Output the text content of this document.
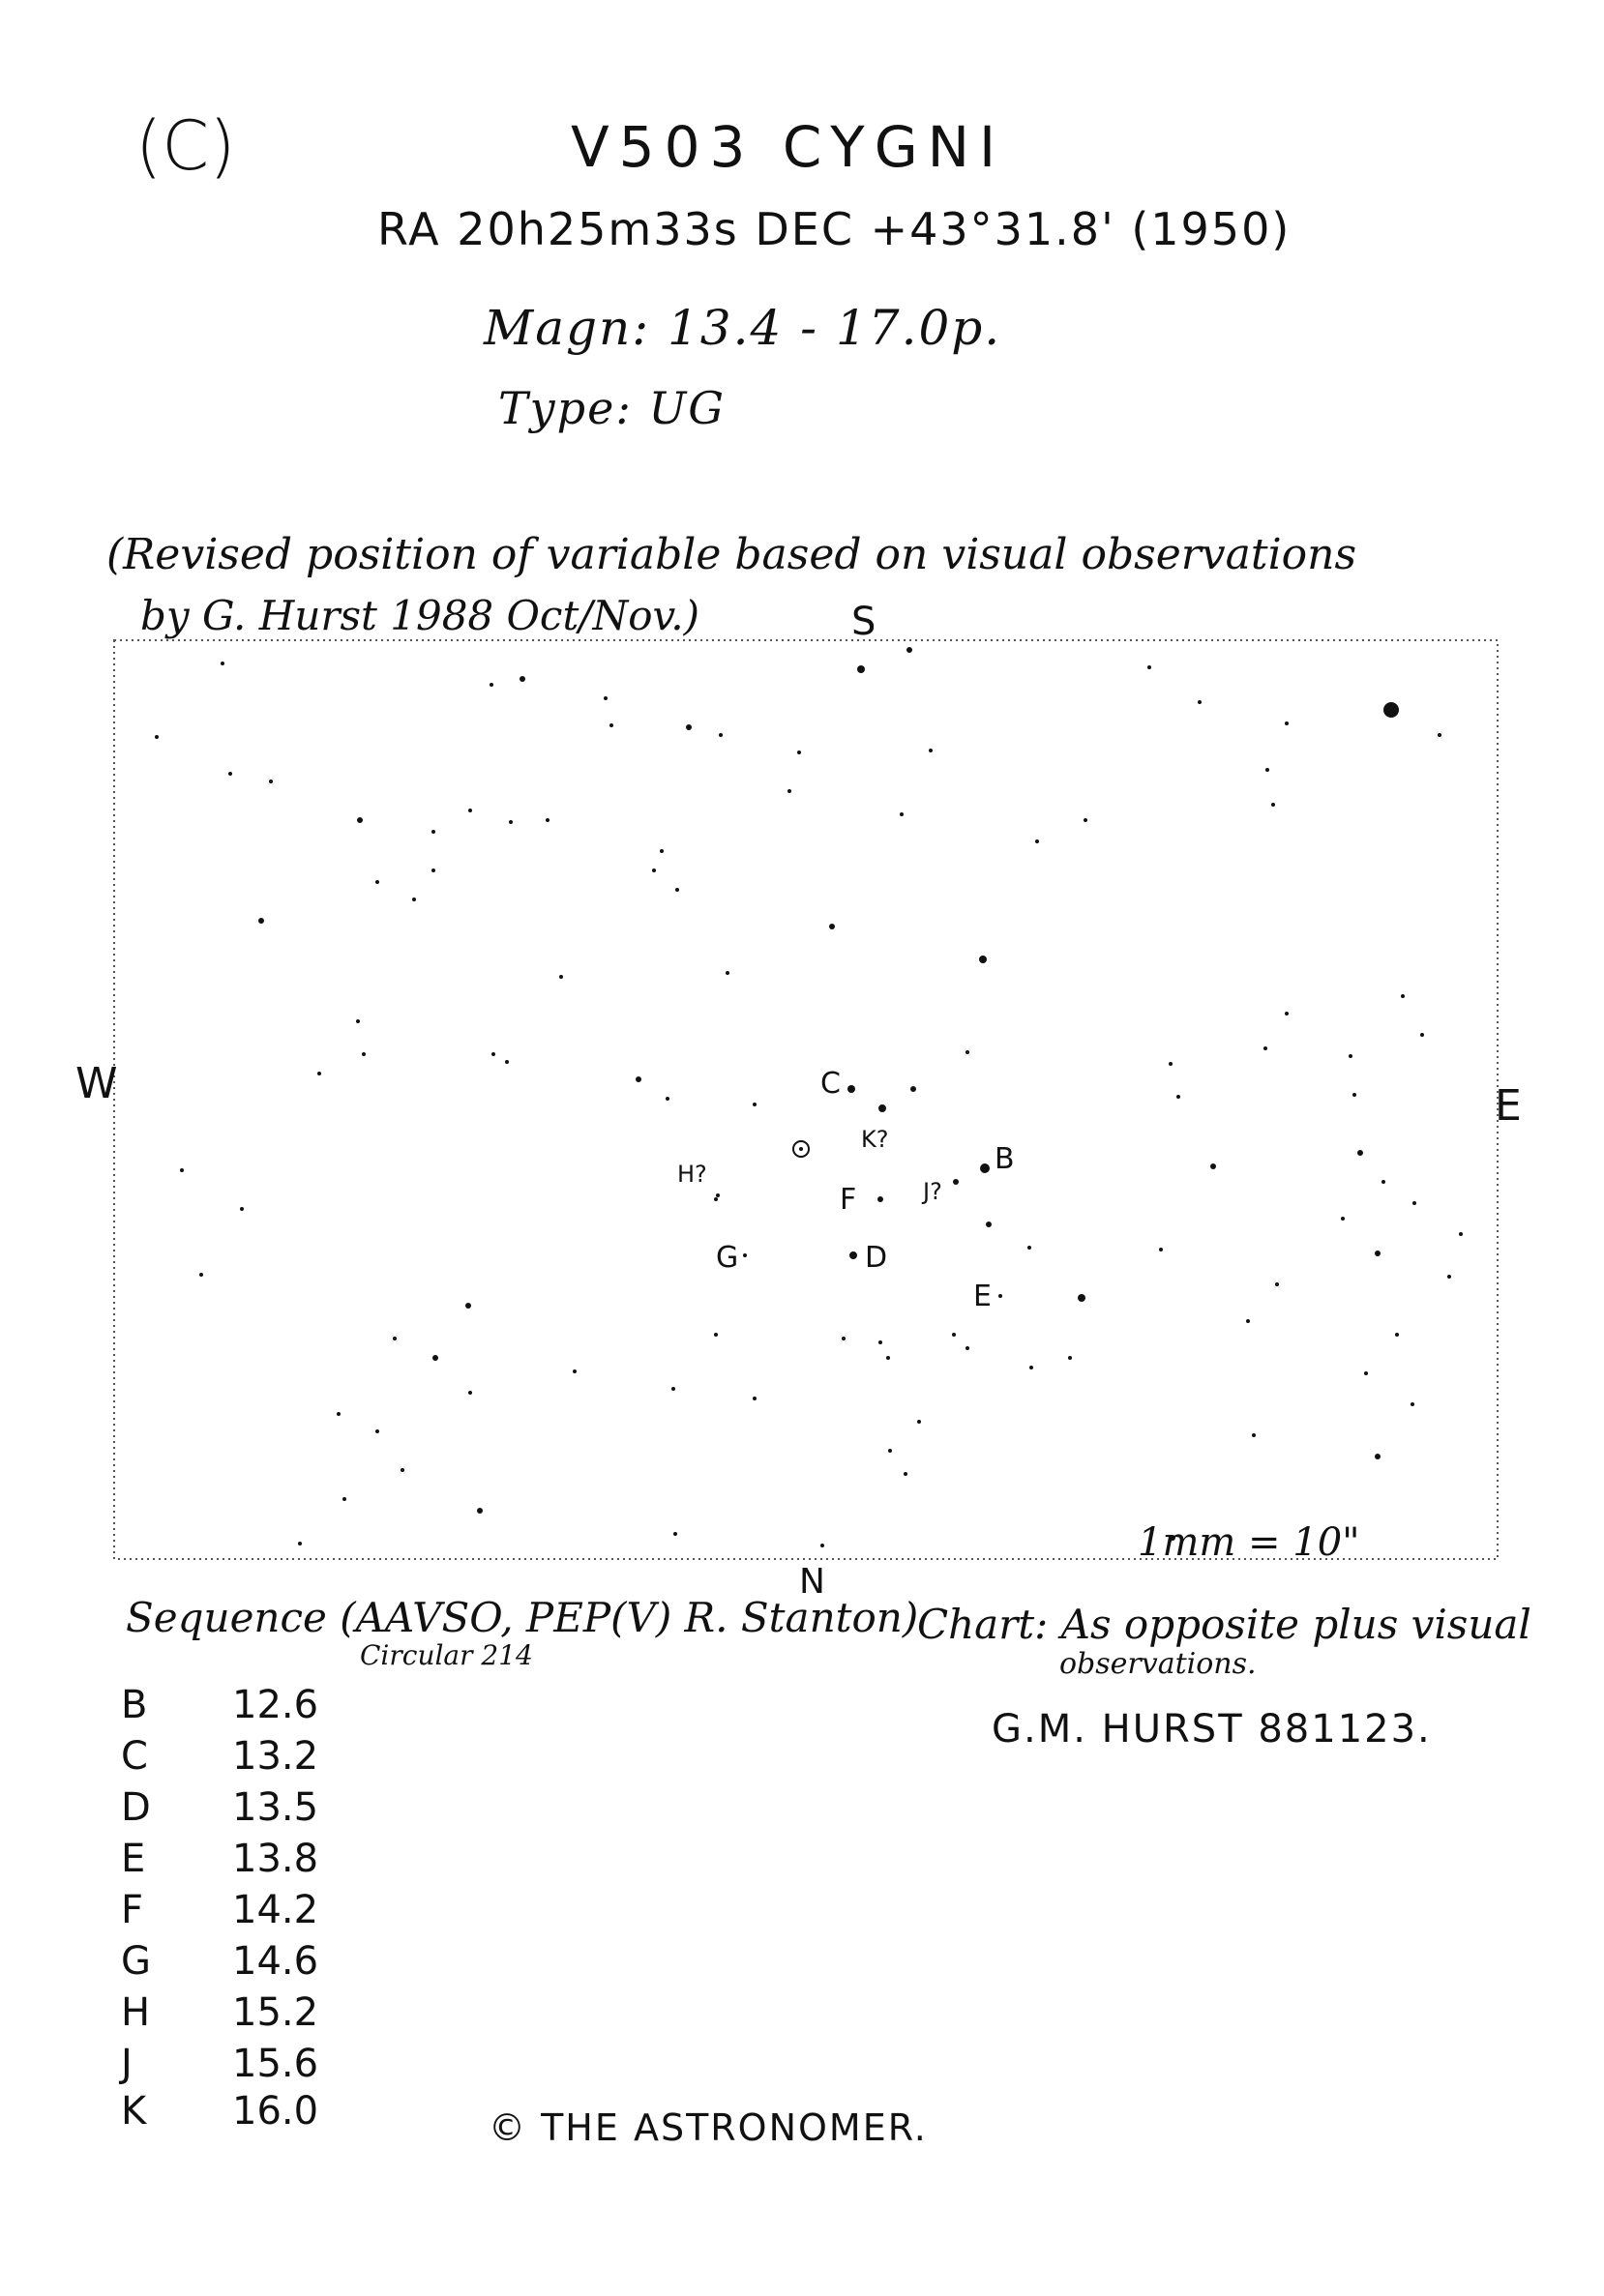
(C)	V503 CYGNI
RA 20h25m33s DEC +43°31.8' (1950)
Magn: 13.4 - 17.0p.
Type: UG
(Revised position of variable based on visual observations
by G. Hurst 1988 Oct/Nov.)
C
K?
B
J?
H?
F
G	D
E
1mm = 10"
S
W	E
N
Sequence (AAVSO, PEP(V) R. Stanton)
Circular 214
Chart: As opposite plus visual
observations.
G.M. HURST 881123.
B 12.6
C 13.2
D 13.5
E 13.8
F 14.2
G 14.6
H 15.2
J	15.6
K 16.0	© THE ASTRONOMER.
